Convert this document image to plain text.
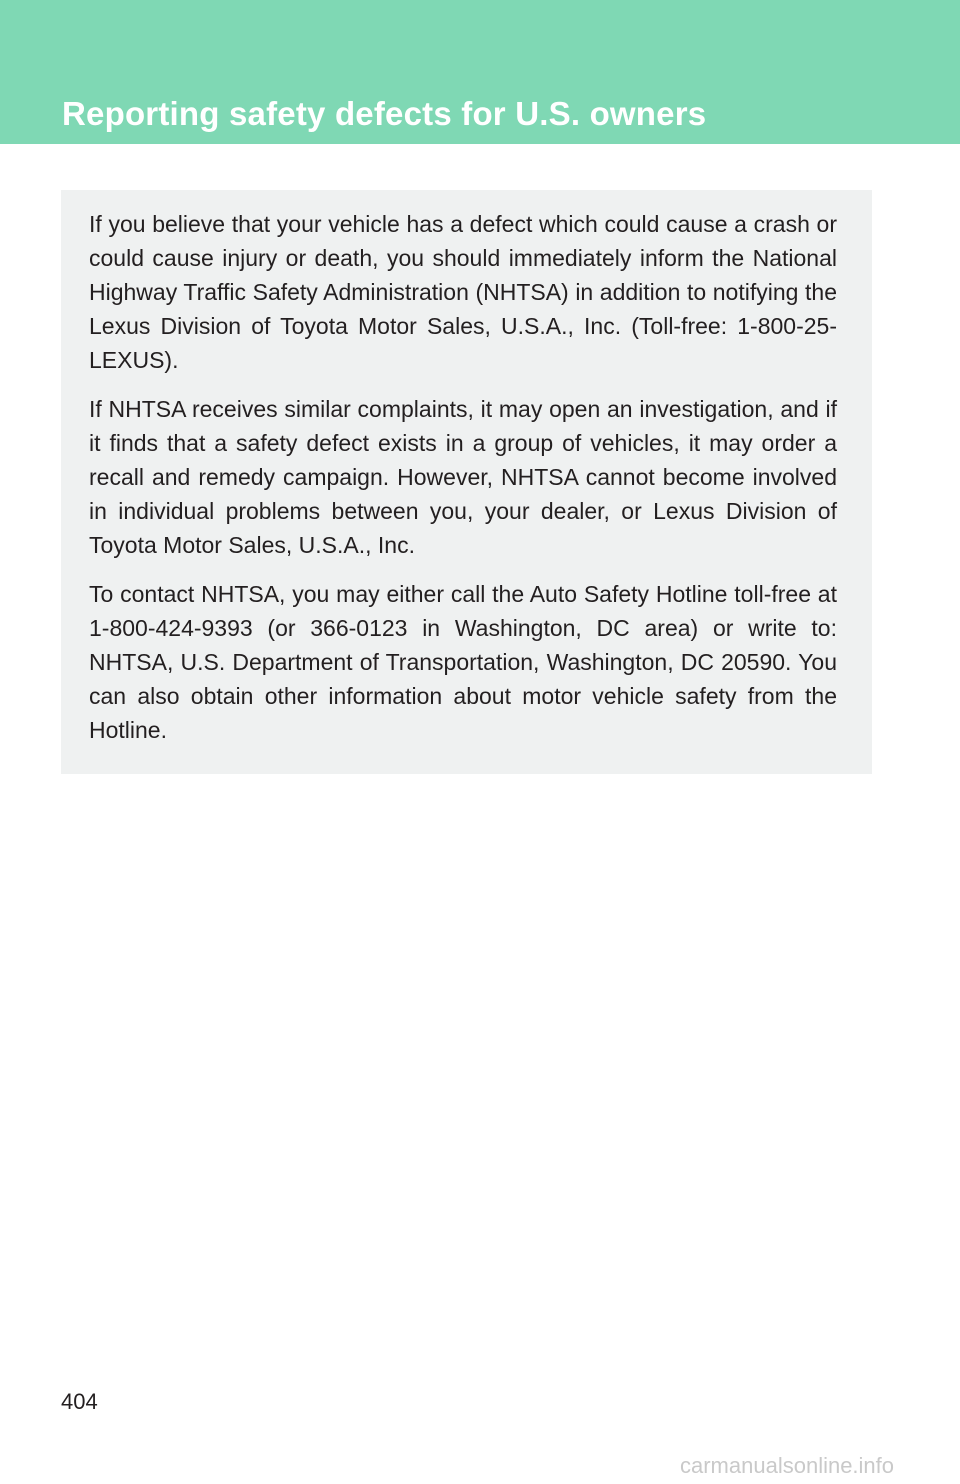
Reporting safety defects for U.S. owners

If you believe that your vehicle has a defect which could cause a crash or could cause injury or death, you should immediately inform the National Highway Traffic Safety Administration (NHTSA) in addition to notifying the Lexus Division of Toyota Motor Sales, U.S.A., Inc. (Toll-free: 1-800-25-LEXUS).

If NHTSA receives similar complaints, it may open an investigation, and if it finds that a safety defect exists in a group of vehicles, it may order a recall and remedy campaign. However, NHTSA cannot become involved in individual problems between you, your dealer, or Lexus Division of Toyota Motor Sales, U.S.A., Inc.

To contact NHTSA, you may either call the Auto Safety Hotline toll-free at 1-800-424-9393 (or 366-0123 in Washington, DC area) or write to: NHTSA, U.S. Department of Transportation, Washington, DC 20590. You can also obtain other information about motor vehicle safety from the Hotline.

404
carmanualsonline.info
